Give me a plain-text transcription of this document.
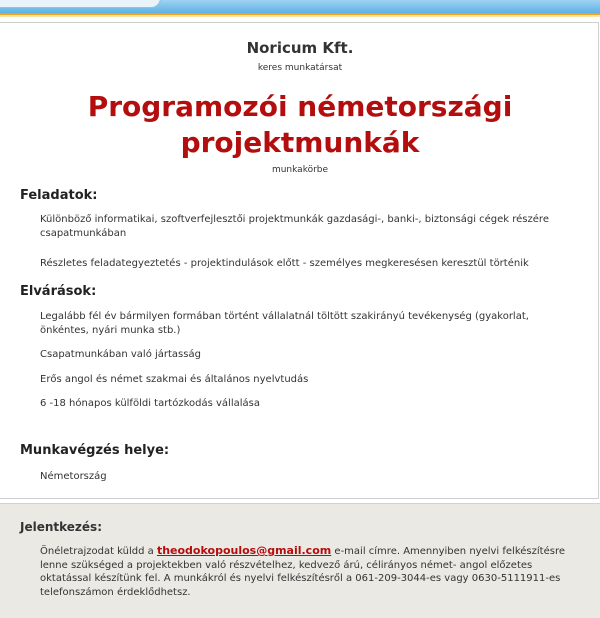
Noricum Kft.
keres munkatársat
Programozói németországi
projektmunkák
munkakörbe
Feladatok:
Különböző informatikai, szoftverfejlesztői projektmunkák gazdasági-, banki-, biztonsági cégek részére csapatmunkában
Részletes feladategyeztetés - projektindulások előtt - személyes megkeresésen keresztül történik
Elvárások:
Legalább fél év bármilyen formában történt vállalatnál töltött szakirányú tevékenység (gyakorlat, önkéntes, nyári munka stb.)
Csapatmunkában való jártasság
Erős angol és német szakmai és általános nyelvtudás
6 -18 hónapos külföldi tartózkodás vállalása
Munkavégzés helye:
Németország
Jelentkezés:
Önéletrajzodat küldd a theodokopoulos@gmail.com e-mail címre. Amennyiben nyelvi felkészítésre lenne szükséged a projektekben való részvételhez, kedvező árú, célirányos német- angol előzetes oktatással készítünk fel. A munkákról és nyelvi felkészítésről a 061-209-3044-es vagy 0630-5111911-es telefonszámon érdeklődhetsz.
